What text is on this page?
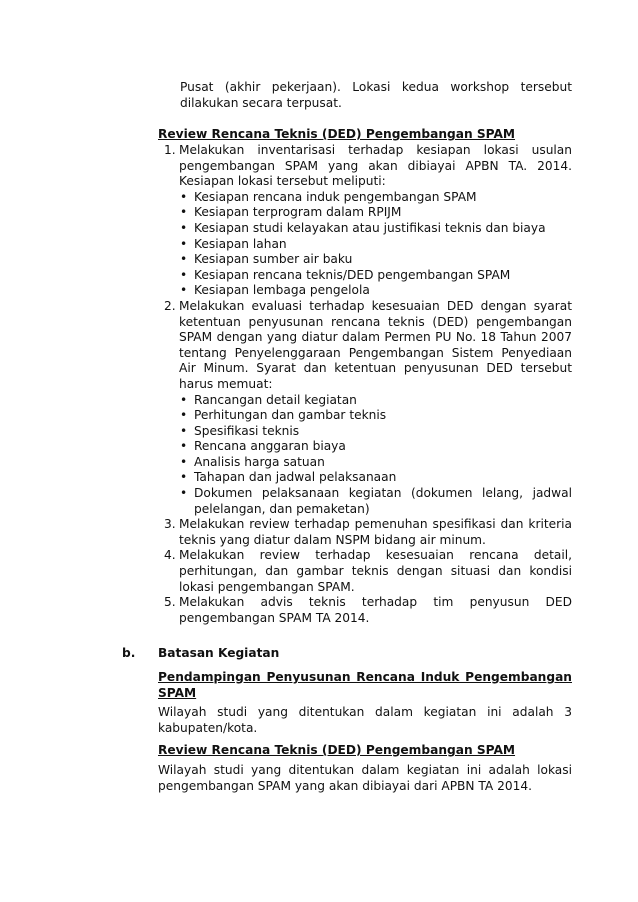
Pusat (akhir pekerjaan). Lokasi kedua workshop tersebut dilakukan secara terpusat.

Review Rencana Teknis (DED) Pengembangan SPAM

1. Melakukan inventarisasi terhadap kesiapan lokasi usulan pengembangan SPAM yang akan dibiayai APBN TA. 2014. Kesiapan lokasi tersebut meliputi:
• Kesiapan rencana induk pengembangan SPAM
• Kesiapan terprogram dalam RPIJM
• Kesiapan studi kelayakan atau justifikasi teknis dan biaya
• Kesiapan lahan
• Kesiapan sumber air baku
• Kesiapan rencana teknis/DED pengembangan SPAM
• Kesiapan lembaga pengelola
2. Melakukan evaluasi terhadap kesesuaian DED dengan syarat ketentuan penyusunan rencana teknis (DED) pengembangan SPAM dengan yang diatur dalam Permen PU No. 18 Tahun 2007 tentang Penyelenggaraan Pengembangan Sistem Penyediaan Air Minum. Syarat dan ketentuan penyusunan DED tersebut harus memuat:
• Rancangan detail kegiatan
• Perhitungan dan gambar teknis
• Spesifikasi teknis
• Rencana anggaran biaya
• Analisis harga satuan
• Tahapan dan jadwal pelaksanaan
• Dokumen pelaksanaan kegiatan (dokumen lelang, jadwal pelelangan, dan pemaketan)
3. Melakukan review terhadap pemenuhan spesifikasi dan kriteria teknis yang diatur dalam NSPM bidang air minum.
4. Melakukan review terhadap kesesuaian rencana detail, perhitungan, dan gambar teknis dengan situasi dan kondisi lokasi pengembangan SPAM.
5. Melakukan advis teknis terhadap tim penyusun DED pengembangan SPAM TA 2014.
b. Batasan Kegiatan

Pendampingan Penyusunan Rencana Induk Pengembangan SPAM

Wilayah studi yang ditentukan dalam kegiatan ini adalah 3 kabupaten/kota.

Review Rencana Teknis (DED) Pengembangan SPAM

Wilayah studi yang ditentukan dalam kegiatan ini adalah lokasi pengembangan SPAM yang akan dibiayai dari APBN TA 2014.
